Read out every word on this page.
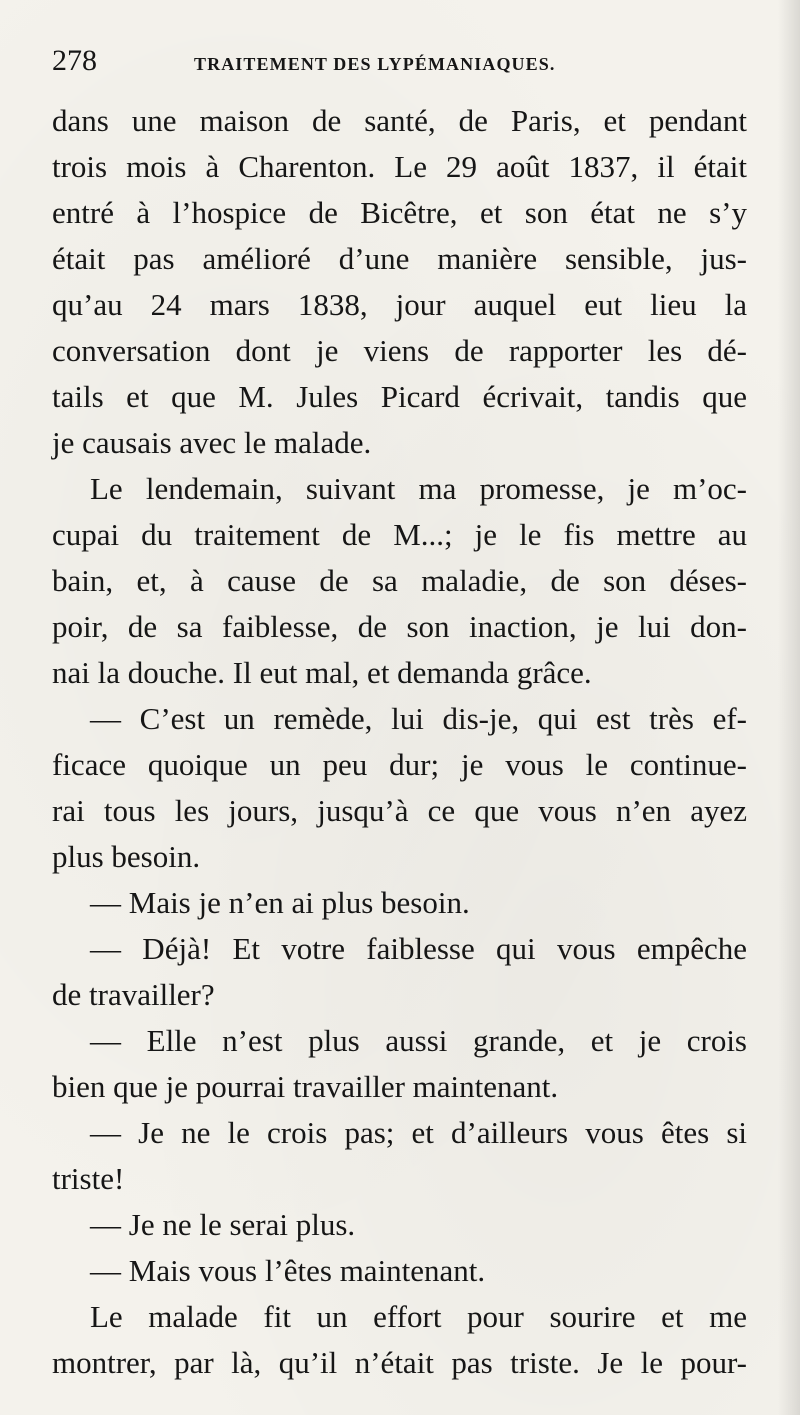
278	TRAITEMENT DES LYPÉMANIAQUES.
dans une maison de santé, de Paris, et pendant
trois mois à Charenton. Le 29 août 1837, il était
entré à l’hospice de Bicêtre, et son état ne s’y
était pas amélioré d’une manière sensible, jus-
qu’au 24 mars 1838, jour auquel eut lieu la
conversation dont je viens de rapporter les dé-
tails et que M. Jules Picard écrivait, tandis que
je causais avec le malade.
Le lendemain, suivant ma promesse, je m’oc-
cupai du traitement de M...; je le fis mettre au
bain, et, à cause de sa maladie, de son déses-
poir, de sa faiblesse, de son inaction, je lui don-
nai la douche. Il eut mal, et demanda grâce.
— C’est un remède, lui dis-je, qui est très ef-
ficace quoique un peu dur; je vous le continue-
rai tous les jours, jusqu’à ce que vous n’en ayez
plus besoin.
— Mais je n’en ai plus besoin.
— Déjà! Et votre faiblesse qui vous empêche
de travailler?
— Elle n’est plus aussi grande, et je crois
bien que je pourrai travailler maintenant.
— Je ne le crois pas; et d’ailleurs vous êtes si
triste!
— Je ne le serai plus.
— Mais vous l’êtes maintenant.
Le malade fit un effort pour sourire et me
montrer, par là, qu’il n’était pas triste. Je le pour-
